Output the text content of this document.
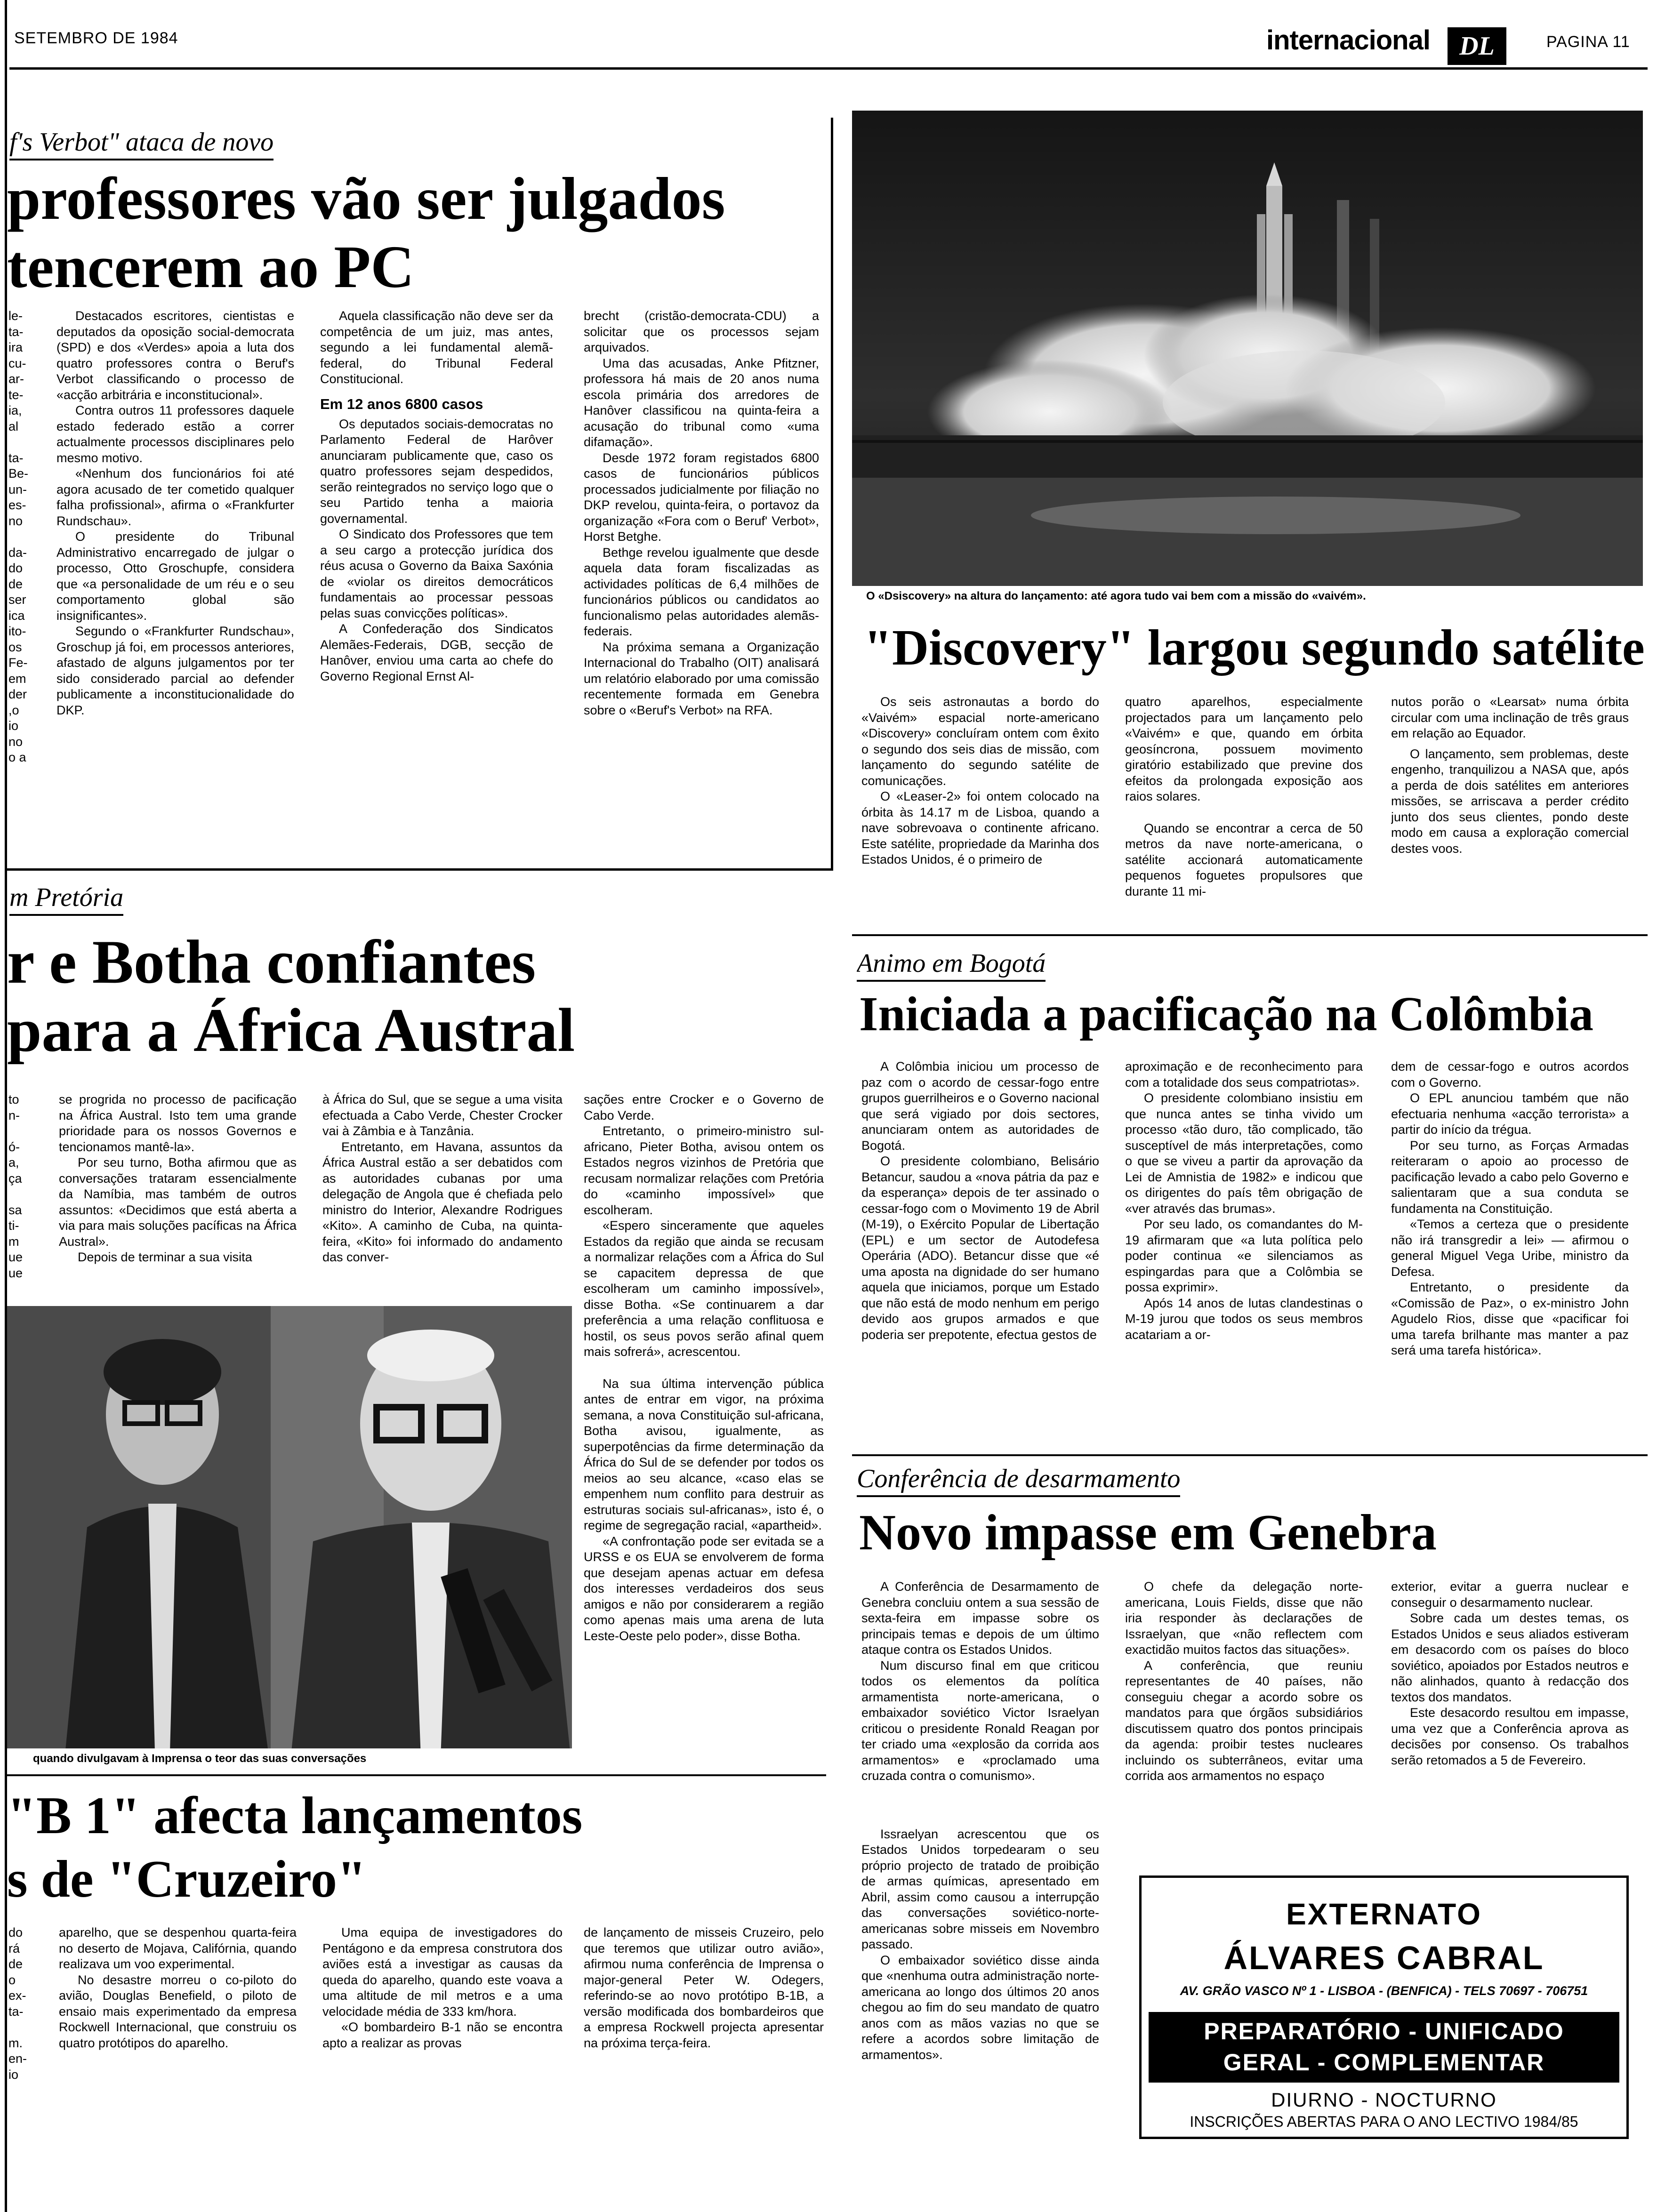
SETEMBRO DE 1984	internacional	DL	PAGINA 11
f's Verbot" ataca de novo
professores vão ser julgados
tencerem ao PC
le-
ta-
ira
cu-
ar-
te-
ia,
al

ta-
Be-
un-
es-
no

da-
do
de
ser
ica
ito-
os
Fe-
em
der
,o
io
no
o a

Destacados escritores, cientistas e deputados da oposição social-democrata (SPD) e dos «Verdes» apoia a luta dos quatro professores contra o Beruf's Verbot classificando o processo de «acção arbitrária e inconstitucional».

Contra outros 11 professores daquele estado federado estão a correr actualmente processos disciplinares pelo mesmo motivo.

«Nenhum dos funcionários foi até agora acusado de ter cometido qualquer falha profissional», afirma o «Frankfurter Rundschau».

O presidente do Tribunal Administrativo encarregado de julgar o processo, Otto Groschupfe, considera que «a personalidade de um réu e o seu comportamento global são insignificantes».

Segundo o «Frankfurter Rundschau», Groschup já foi, em processos anteriores, afastado de alguns julgamentos por ter sido considerado parcial ao defender publicamente a inconstitucionalidade do DKP.

Aquela classificação não deve ser da competência de um juiz, mas antes, segundo a lei fundamental alemã-federal, do Tribunal Federal Constitucional.

Em 12 anos 6800 casos

Os deputados sociais-democratas no Parlamento Federal de Harôver anunciaram publicamente que, caso os quatro professores sejam despedidos, serão reintegrados no serviço logo que o seu Partido tenha a maioria governamental.

O Sindicato dos Professores que tem a seu cargo a protecção jurídica dos réus acusa o Governo da Baixa Saxónia de «violar os direitos democráticos fundamentais ao processar pessoas pelas suas convicções políticas».

A Confederação dos Sindicatos Alemães-Federais, DGB, secção de Hanôver, enviou uma carta ao chefe do Governo Regional Ernst Al-

brecht (cristão-democrata-CDU) a solicitar que os processos sejam arquivados.

Uma das acusadas, Anke Pfitzner, professora há mais de 20 anos numa escola primária dos arredores de Hanôver classificou na quinta-feira a acusação do tribunal como «uma difamação».

Desde 1972 foram registados 6800 casos de funcionários públicos processados judicialmente por filiação no DKP revelou, quinta-feira, o portavoz da organização «Fora com o Beruf' Verbot», Horst Betghe.

Bethge revelou igualmente que desde aquela data foram fiscalizadas as actividades políticas de 6,4 milhões de funcionários públicos ou candidatos ao funcionalismo pelas autoridades alemãs-federais.

Na próxima semana a Organização Internacional do Trabalho (OIT) analisará um relatório elaborado por uma comissão recentemente formada em Genebra sobre o «Beruf's Verbot» na RFA.

O «Dsiscovery» na altura do lançamento: até agora tudo vai bem com a missão do «vaivém».
"Discovery" largou segundo satélite

Os seis astronautas a bordo do «Vaivém» espacial norte-americano «Discovery» concluíram ontem com êxito o segundo dos seis dias de missão, com lançamento do segundo satélite de comunicações.

O «Leaser-2» foi ontem colocado na órbita às 14.17 m de Lisboa, quando a nave sobrevoava o continente africano. Este satélite, propriedade da Marinha dos Estados Unidos, é o primeiro de

quatro aparelhos, especialmente projectados para um lançamento pelo «Vaivém» e que, quando em órbita geosíncrona, possuem movimento giratório estabilizado que previne dos efeitos da prolongada exposição aos raios solares.

Quando se encontrar a cerca de 50 metros da nave norte-americana, o satélite accionará automaticamente pequenos foguetes propulsores que durante 11 mi-

nutos porão o «Learsat» numa órbita circular com uma inclinação de três graus em relação ao Equador.

O lançamento, sem problemas, deste engenho, tranquilizou a NASA que, após a perda de dois satélites em anteriores missões, se arriscava a perder crédito junto dos seus clientes, pondo deste modo em causa a exploração comercial destes voos.

m Pretória
r e Botha confiantes
para a África Austral
to
n-

ó-
a,
ça

sa
ti-
m
ue
ue

se progrida no processo de pacificação na África Austral. Isto tem uma grande prioridade para os nossos Governos e tencionamos mantê-la».

Por seu turno, Botha afirmou que as conversações trataram essencialmente da Namíbia, mas também de outros assuntos: «Decidimos que está aberta a via para mais soluções pacíficas na África Austral».

Depois de terminar a sua visita

à África do Sul, que se segue a uma visita efectuada a Cabo Verde, Chester Crocker vai à Zâmbia e à Tanzânia.

Entretanto, em Havana, assuntos da África Austral estão a ser debatidos com as autoridades cubanas por uma delegação de Angola que é chefiada pelo ministro do Interior, Alexandre Rodrigues «Kito». A caminho de Cuba, na quinta-feira, «Kito» foi informado do andamento das conver-

sações entre Crocker e o Governo de Cabo Verde.

Entretanto, o primeiro-ministro sul-africano, Pieter Botha, avisou ontem os Estados negros vizinhos de Pretória que recusam normalizar relações com Pretória do «caminho impossível» que escolheram.

«Espero sinceramente que aqueles Estados da região que ainda se recusam a normalizar relações com a África do Sul se capacitem depressa de que escolheram um caminho impossível», disse Botha. «Se continuarem a dar preferência a uma relação conflituosa e hostil, os seus povos serão afinal quem mais sofrerá», acrescentou.

Na sua última intervenção pública antes de entrar em vigor, na próxima semana, a nova Constituição sul-africana, Botha avisou, igualmente, as superpotências da firme determinação da África do Sul de se defender por todos os meios ao seu alcance, «caso elas se empenhem num conflito para destruir as estruturas sociais sul-africanas», isto é, o regime de segregação racial, «apartheid».

«A confrontação pode ser evitada se a URSS e os EUA se envolverem de forma que desejam apenas actuar em defesa dos interesses verdadeiros dos seus amigos e não por considerarem a região como apenas mais uma arena de luta Leste-Oeste pelo poder», disse Botha.

quando divulgavam à Imprensa o teor das suas conversações
"B 1" afecta lançamentos
s de "Cruzeiro"
do
rá
de
o
ex-
ta-

m.
en-
io

aparelho, que se despenhou quarta-feira no deserto de Mojava, Califórnia, quando realizava um voo experimental.

No desastre morreu o co-piloto do avião, Douglas Benefield, o piloto de ensaio mais experimentado da empresa Rockwell Internacional, que construiu os quatro protótipos do aparelho.

Uma equipa de investigadores do Pentágono e da empresa construtora dos aviões está a investigar as causas da queda do aparelho, quando este voava a uma altitude de mil metros e a uma velocidade média de 333 km/hora.

«O bombardeiro B-1 não se encontra apto a realizar as provas

de lançamento de misseis Cruzeiro, pelo que teremos que utilizar outro avião», afirmou numa conferência de Imprensa o major-general Peter W. Odegers, referindo-se ao novo protótipo B-1B, a versão modificada dos bombardeiros que a empresa Rockwell projecta apresentar na próxima terça-feira.

Animo em Bogotá
Iniciada a pacificação na Colômbia

A Colômbia iniciou um processo de paz com o acordo de cessar-fogo entre grupos guerrilheiros e o Governo nacional que será vigiado por dois sectores, anunciaram ontem as autoridades de Bogotá.

O presidente colombiano, Belisário Betancur, saudou a «nova pátria da paz e da esperança» depois de ter assinado o cessar-fogo com o Movimento 19 de Abril (M-19), o Exército Popular de Libertação (EPL) e um sector de Autodefesa Operária (ADO). Betancur disse que «é uma aposta na dignidade do ser humano aquela que iniciamos, porque um Estado que não está de modo nenhum em perigo devido aos grupos armados e que poderia ser prepotente, efectua gestos de

aproximação e de reconhecimento para com a totalidade dos seus compatriotas».

O presidente colombiano insistiu em que nunca antes se tinha vivido um processo «tão duro, tão complicado, tão susceptível de más interpretações, como o que se viveu a partir da aprovação da Lei de Amnistia de 1982» e indicou que os dirigentes do país têm obrigação de «ver através das brumas».

Por seu lado, os comandantes do M-19 afirmaram que «a luta política pelo poder continua «e silenciamos as espingardas para que a Colômbia se possa exprimir».

Após 14 anos de lutas clandestinas o M-19 jurou que todos os seus membros acatariam a or-

dem de cessar-fogo e outros acordos com o Governo.

O EPL anunciou também que não efectuaria nenhuma «acção terrorista» a partir do início da trégua.

Por seu turno, as Forças Armadas reiteraram o apoio ao processo de pacificação levado a cabo pelo Governo e salientaram que a sua conduta se fundamenta na Constituição.

«Temos a certeza que o presidente não irá transgredir a lei» — afirmou o general Miguel Vega Uribe, ministro da Defesa.

Entretanto, o presidente da «Comissão de Paz», o ex-ministro John Agudelo Rios, disse que «pacificar foi uma tarefa brilhante mas manter a paz será uma tarefa histórica».

Conferência de desarmamento
Novo impasse em Genebra

A Conferência de Desarmamento de Genebra concluiu ontem a sua sessão de sexta-feira em impasse sobre os principais temas e depois de um último ataque contra os Estados Unidos.

Num discurso final em que criticou todos os elementos da política armamentista norte-americana, o embaixador soviético Victor Israelyan criticou o presidente Ronald Reagan por ter criado uma «explosão da corrida aos armamentos» e «proclamado uma cruzada contra o comunismo».

Issraelyan acrescentou que os Estados Unidos torpedearam o seu próprio projecto de tratado de proibição de armas químicas, apresentado em Abril, assim como causou a interrupção das conversações soviético-norte-americanas sobre misseis em Novembro passado.

O embaixador soviético disse ainda que «nenhuma outra administração norte-americana ao longo dos últimos 20 anos chegou ao fim do seu mandato de quatro anos com as mãos vazias no que se refere a acordos sobre limitação de armamentos».

O chefe da delegação norte-americana, Louis Fields, disse que não iria responder às declarações de Issraelyan, que «não reflectem com exactidão muitos factos das situações».

A conferência, que reuniu representantes de 40 países, não conseguiu chegar a acordo sobre os mandatos para que órgãos subsidiários discutissem quatro dos pontos principais da agenda: proibir testes nucleares incluindo os subterrâneos, evitar uma corrida aos armamentos no espaço

exterior, evitar a guerra nuclear e conseguir o desarmamento nuclear.

Sobre cada um destes temas, os Estados Unidos e seus aliados estiveram em desacordo com os países do bloco soviético, apoiados por Estados neutros e não alinhados, quanto à redacção dos textos dos mandatos.

Este desacordo resultou em impasse, uma vez que a Conferência aprova as decisões por consenso. Os trabalhos serão retomados a 5 de Fevereiro.

EXTERNATO
ÁLVARES CABRAL
AV. GRÃO VASCO Nº 1 - LISBOA - (BENFICA) - TELS 70697 - 706751
PREPARATÓRIO - UNIFICADO
GERAL - COMPLEMENTAR
DIURNO - NOCTURNO
INSCRIÇÕES ABERTAS PARA O ANO LECTIVO 1984/85
